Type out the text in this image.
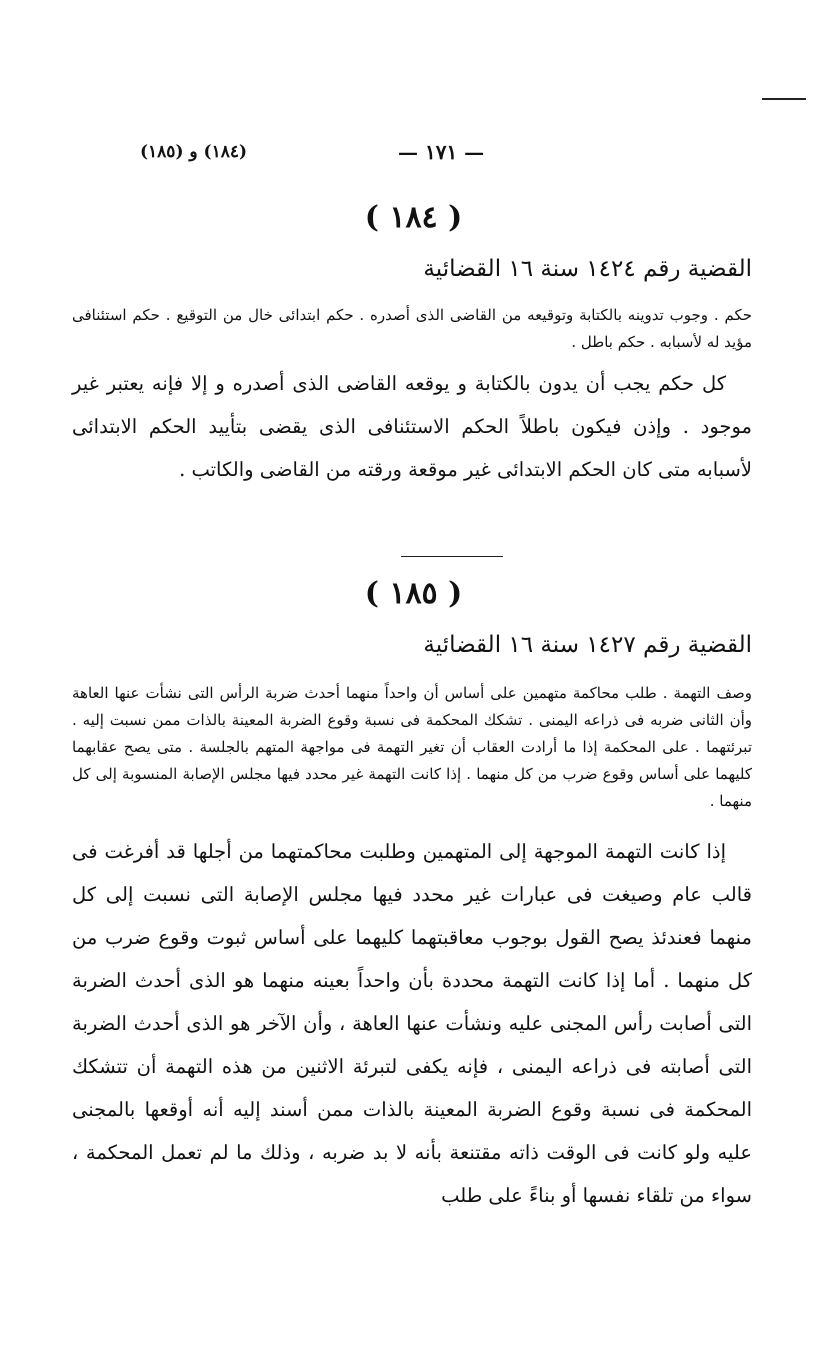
(١٨٤) و (١٨٥)	— ١٧١ —
( ١٨٤ )
القضية رقم ١٤٢٤ سنة ١٦ القضائية

حكم . وجوب تدوينه بالكتابة وتوقيعه من القاضى الذى أصدره . حكم ابتدائى خال من التوقيع . حكم استئنافى مؤيد له لأسبابه . حكم باطل .

كل حكم يجب أن يدون بالكتابة و يوقعه القاضى الذى أصدره و إلا فإنه يعتبر غير موجود . وإذن فيكون باطلاً الحكم الاستئنافى الذى يقضى بتأييد الحكم الابتدائى لأسبابه متى كان الحكم الابتدائى غير موقعة ورقته من القاضى والكاتب .

( ١٨٥ )
القضية رقم ١٤٢٧ سنة ١٦ القضائية

وصف التهمة . طلب محاكمة متهمين على أساس أن واحداً منهما أحدث ضربة الرأس التى نشأت عنها العاهة وأن الثانى ضربه فى ذراعه اليمنى . تشكك المحكمة فى نسبة وقوع الضربة المعينة بالذات ممن نسبت إليه . تبرئتهما . على المحكمة إذا ما أرادت العقاب أن تغير التهمة فى مواجهة المتهم بالجلسة . متى يصح عقابهما كليهما على أساس وقوع ضرب من كل منهما . إذا كانت التهمة غير محدد فيها مجلس الإصابة المنسوبة إلى كل منهما .

إذا كانت التهمة الموجهة إلى المتهمين وطلبت محاكمتهما من أجلها قد أفرغت فى قالب عام وصيغت فى عبارات غير محدد فيها مجلس الإصابة التى نسبت إلى كل منهما فعندئذ يصح القول بوجوب معاقبتهما كليهما على أساس ثبوت وقوع ضرب من كل منهما . أما إذا كانت التهمة محددة بأن واحداً بعينه منهما هو الذى أحدث الضربة التى أصابت رأس المجنى عليه ونشأت عنها العاهة ، وأن الآخر هو الذى أحدث الضربة التى أصابته فى ذراعه اليمنى ، فإنه يكفى لتبرئة الاثنين من هذه التهمة أن تتشكك المحكمة فى نسبة وقوع الضربة المعينة بالذات ممن أسند إليه أنه أوقعها بالمجنى عليه ولو كانت فى الوقت ذاته مقتنعة بأنه لا بد ضربه ، وذلك ما لم تعمل المحكمة ، سواء من تلقاء نفسها أو بناءً على طلب
